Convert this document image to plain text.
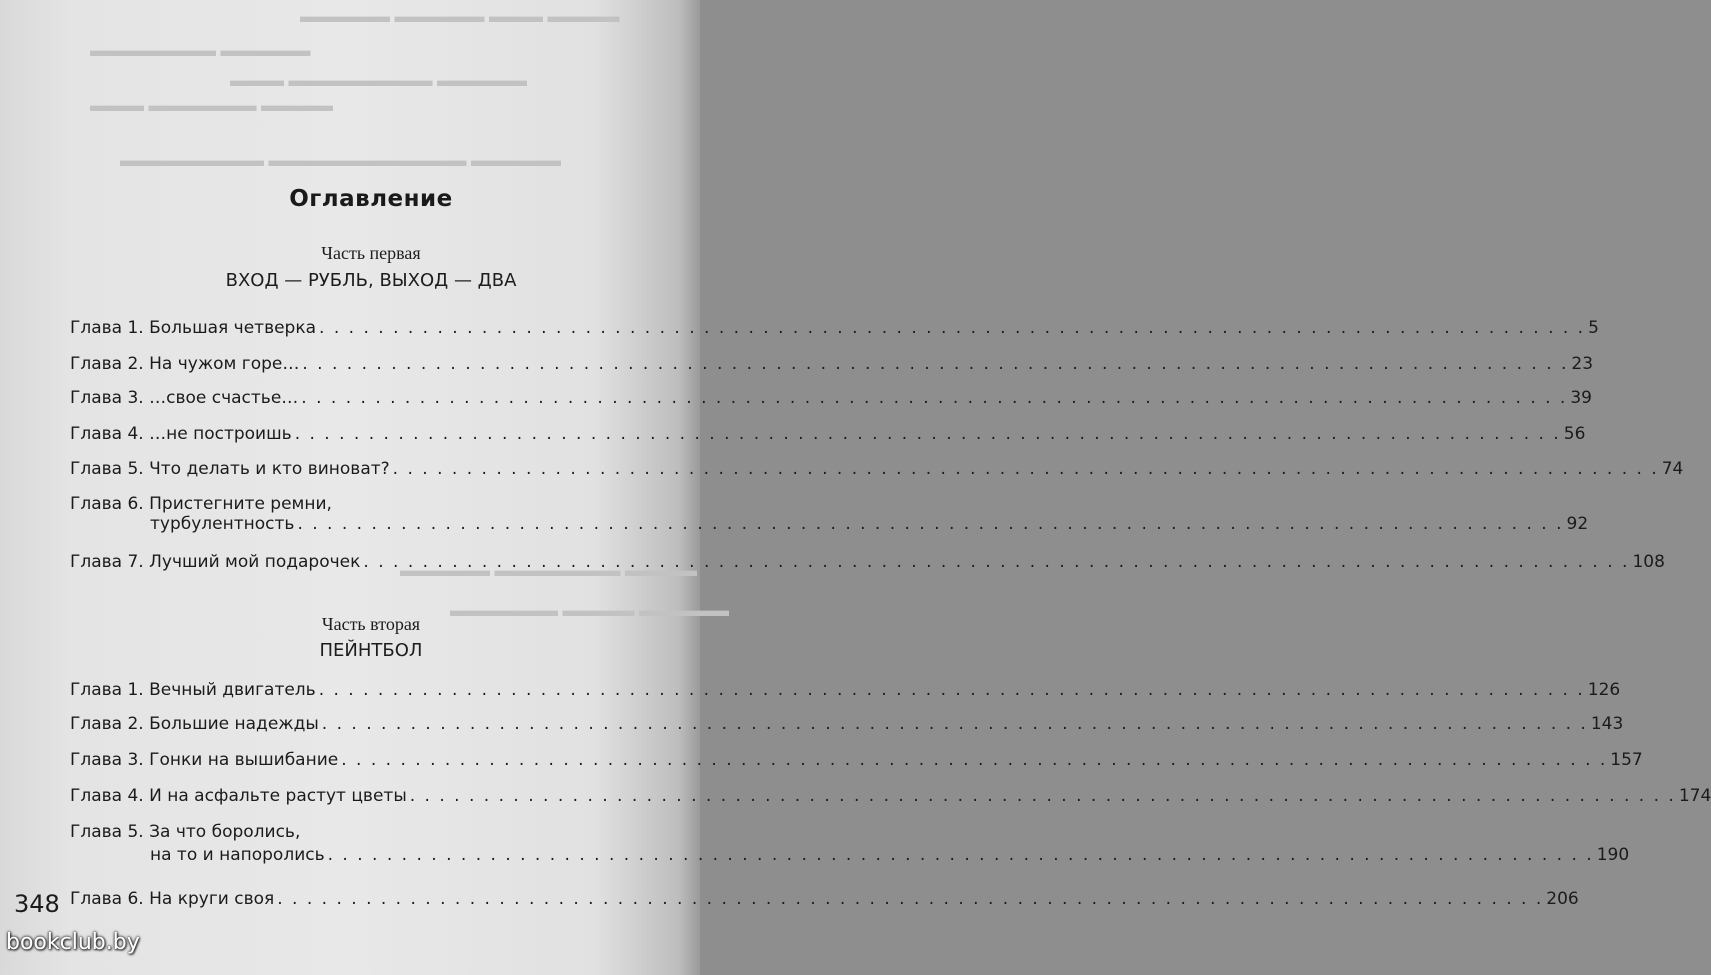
▬▬▬▬ ▬▬▬ ▬▬▬▬▬ ▬▬▬▬▬
▬▬▬▬▬ ▬▬▬▬▬▬▬
▬▬▬▬▬ ▬▬▬▬▬▬▬▬ ▬▬▬
▬▬▬▬ ▬▬▬▬▬▬ ▬▬▬
▬▬▬▬▬ ▬▬▬▬▬▬▬▬▬▬▬ ▬▬▬▬▬▬▬▬
▬▬▬▬ ▬▬▬▬▬▬▬ ▬▬▬▬▬
▬▬▬▬▬ ▬▬▬▬ ▬▬▬▬▬▬
Оглавление
Часть первая
ВХОД — РУБЛЬ, ВЫХОД — ДВА
Глава 1. Большая четверка . . .	5
Глава 2. На чужом горе… . . .	23
Глава 3. …свое счастье… . . .	39
Глава 4. …не построишь . . .	56
Глава 5. Что делать и кто виноват? . . .	74
Глава 6. Пристегните ремни,
турбулентность . . .	92
Глава 7. Лучший мой подарочек . . .	108
Часть вторая
ПЕЙНТБОЛ
Глава 1. Вечный двигатель . . .	126
Глава 2. Большие надежды . . .	143
Глава 3. Гонки на вышибание . . .	157
Глава 4. И на асфальте растут цветы . . .	174
Глава 5. За что боролись,
на то и напоролись . . .	190
Глава 6. На круги своя . . .	206
348
bookclub.by
